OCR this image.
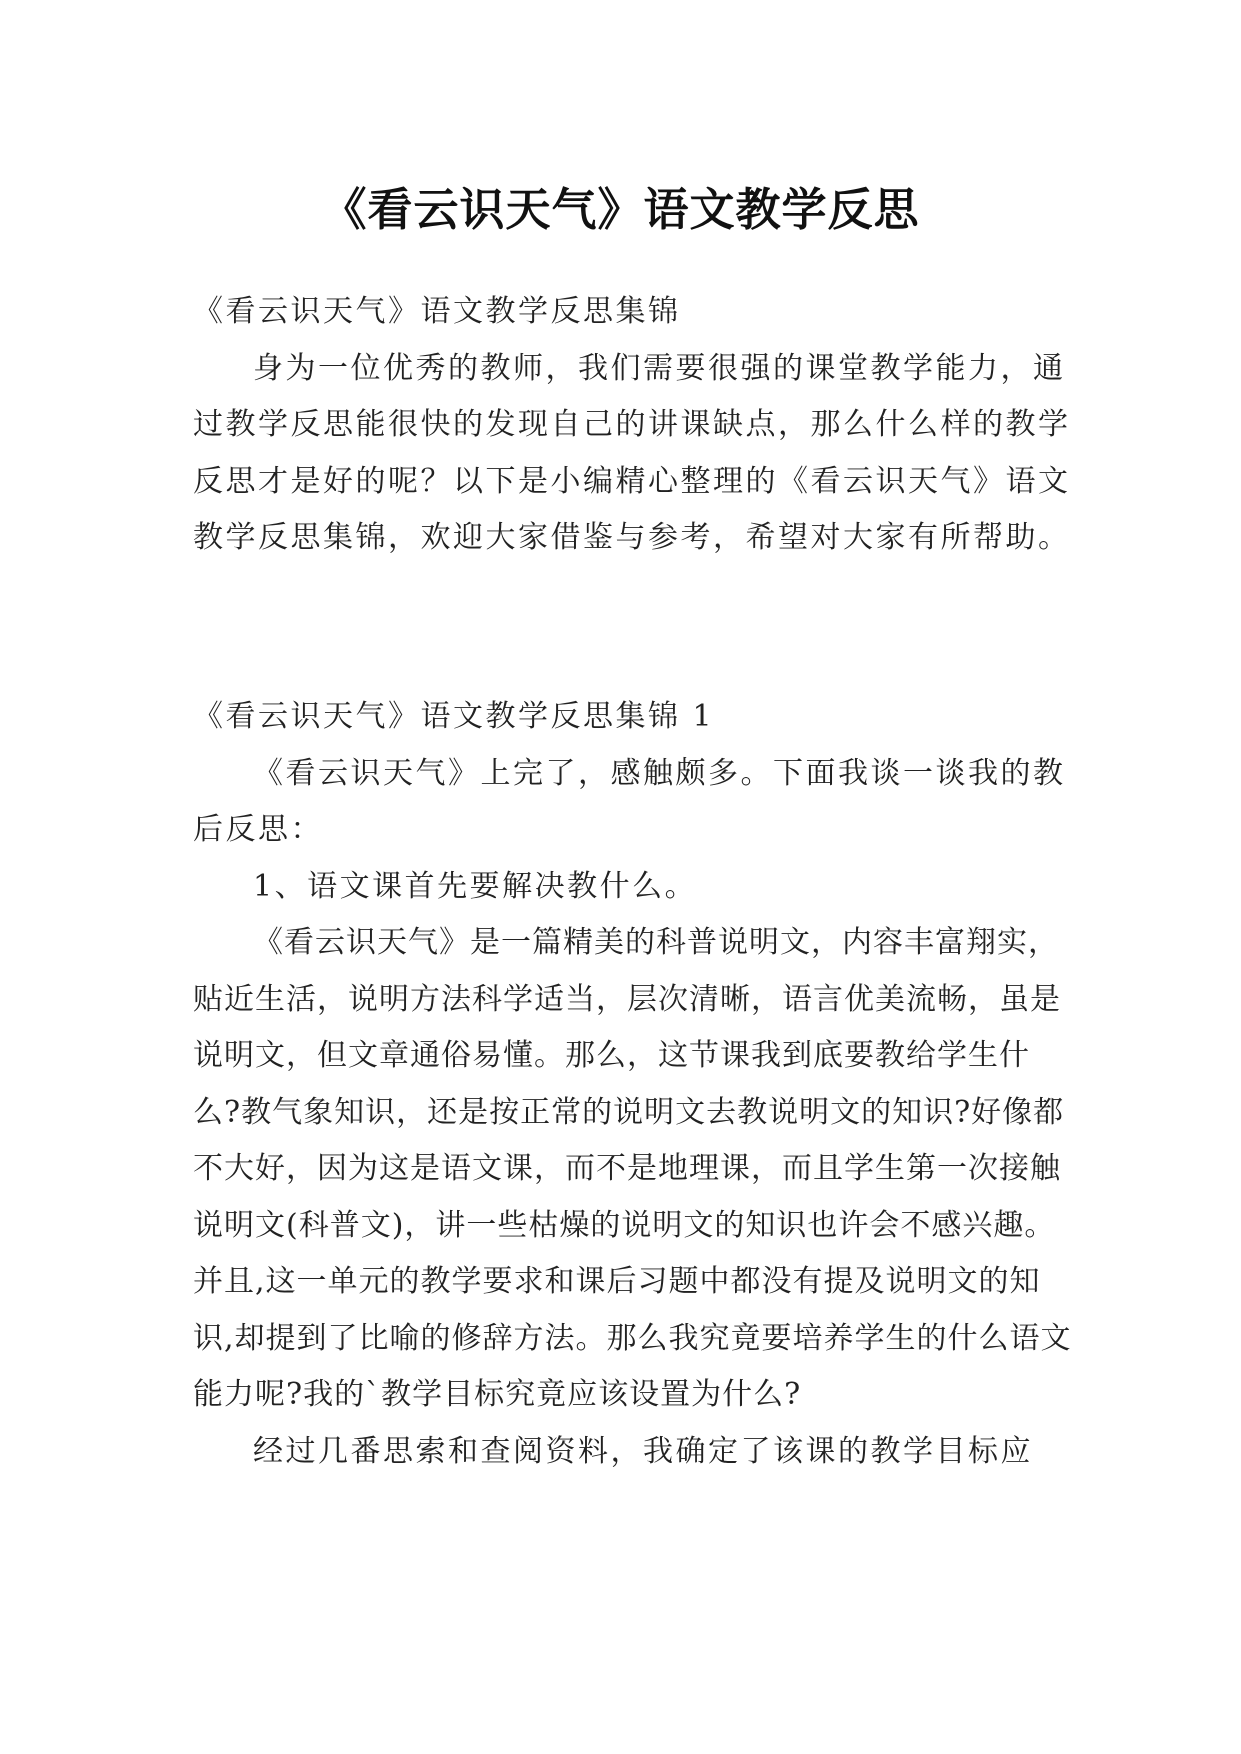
《看云识天气》语文教学反思

《看云识天气》语文教学反思集锦

身为一位优秀的教师，我们需要很强的课堂教学能力，通过教学反思能很快的发现自己的讲课缺点，那么什么样的教学反思才是好的呢？以下是小编精心整理的《看云识天气》语文教学反思集锦，欢迎大家借鉴与参考，希望对大家有所帮助。

《看云识天气》语文教学反思集锦 1

《看云识天气》上完了，感触颇多。下面我谈一谈我的教后反思：

1、语文课首先要解决教什么。

《看云识天气》是一篇精美的科普说明文，内容丰富翔实，贴近生活，说明方法科学适当，层次清晰，语言优美流畅，虽是说明文，但文章通俗易懂。那么，这节课我到底要教给学生什么?教气象知识，还是按正常的说明文去教说明文的知识?好像都不大好，因为这是语文课，而不是地理课，而且学生第一次接触说明文(科普文)，讲一些枯燥的说明文的知识也许会不感兴趣。并且,这一单元的教学要求和课后习题中都没有提及说明文的知识,却提到了比喻的修辞方法。那么我究竟要培养学生的什么语文能力呢?我的`教学目标究竟应该设置为什么?

经过几番思索和查阅资料，我确定了该课的教学目标应
